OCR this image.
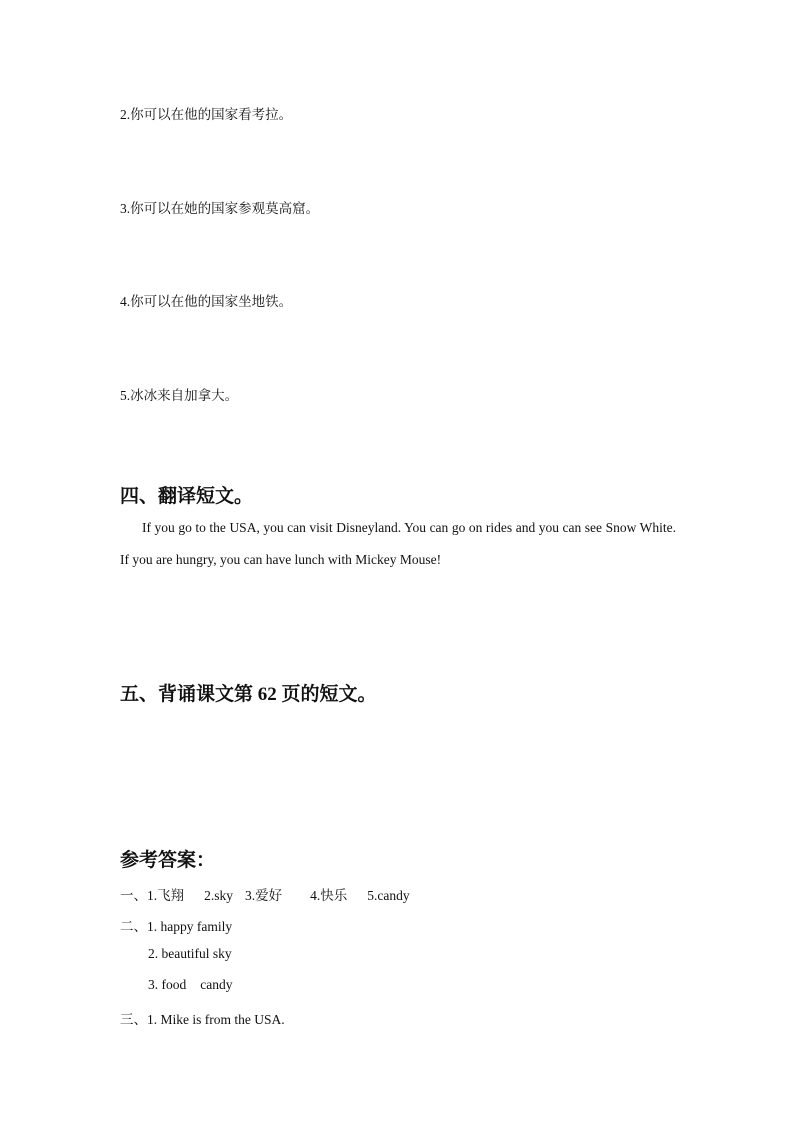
2.你可以在他的国家看考拉。
3.你可以在她的国家参观莫高窟。
4.你可以在他的国家坐地铁。
5.冰冰来自加拿大。
四、翻译短文。
If you go to the USA, you can visit Disneyland. You can go on rides and you can see Snow White. If you are hungry, you can have lunch with Mickey Mouse!
五、背诵课文第 62 页的短文。
参考答案：
一、1.飞翔 2.sky 3.爱好 4.快乐 5.candy
二、1. happy family
2. beautiful sky
3. food candy
三、1. Mike is from the USA.
